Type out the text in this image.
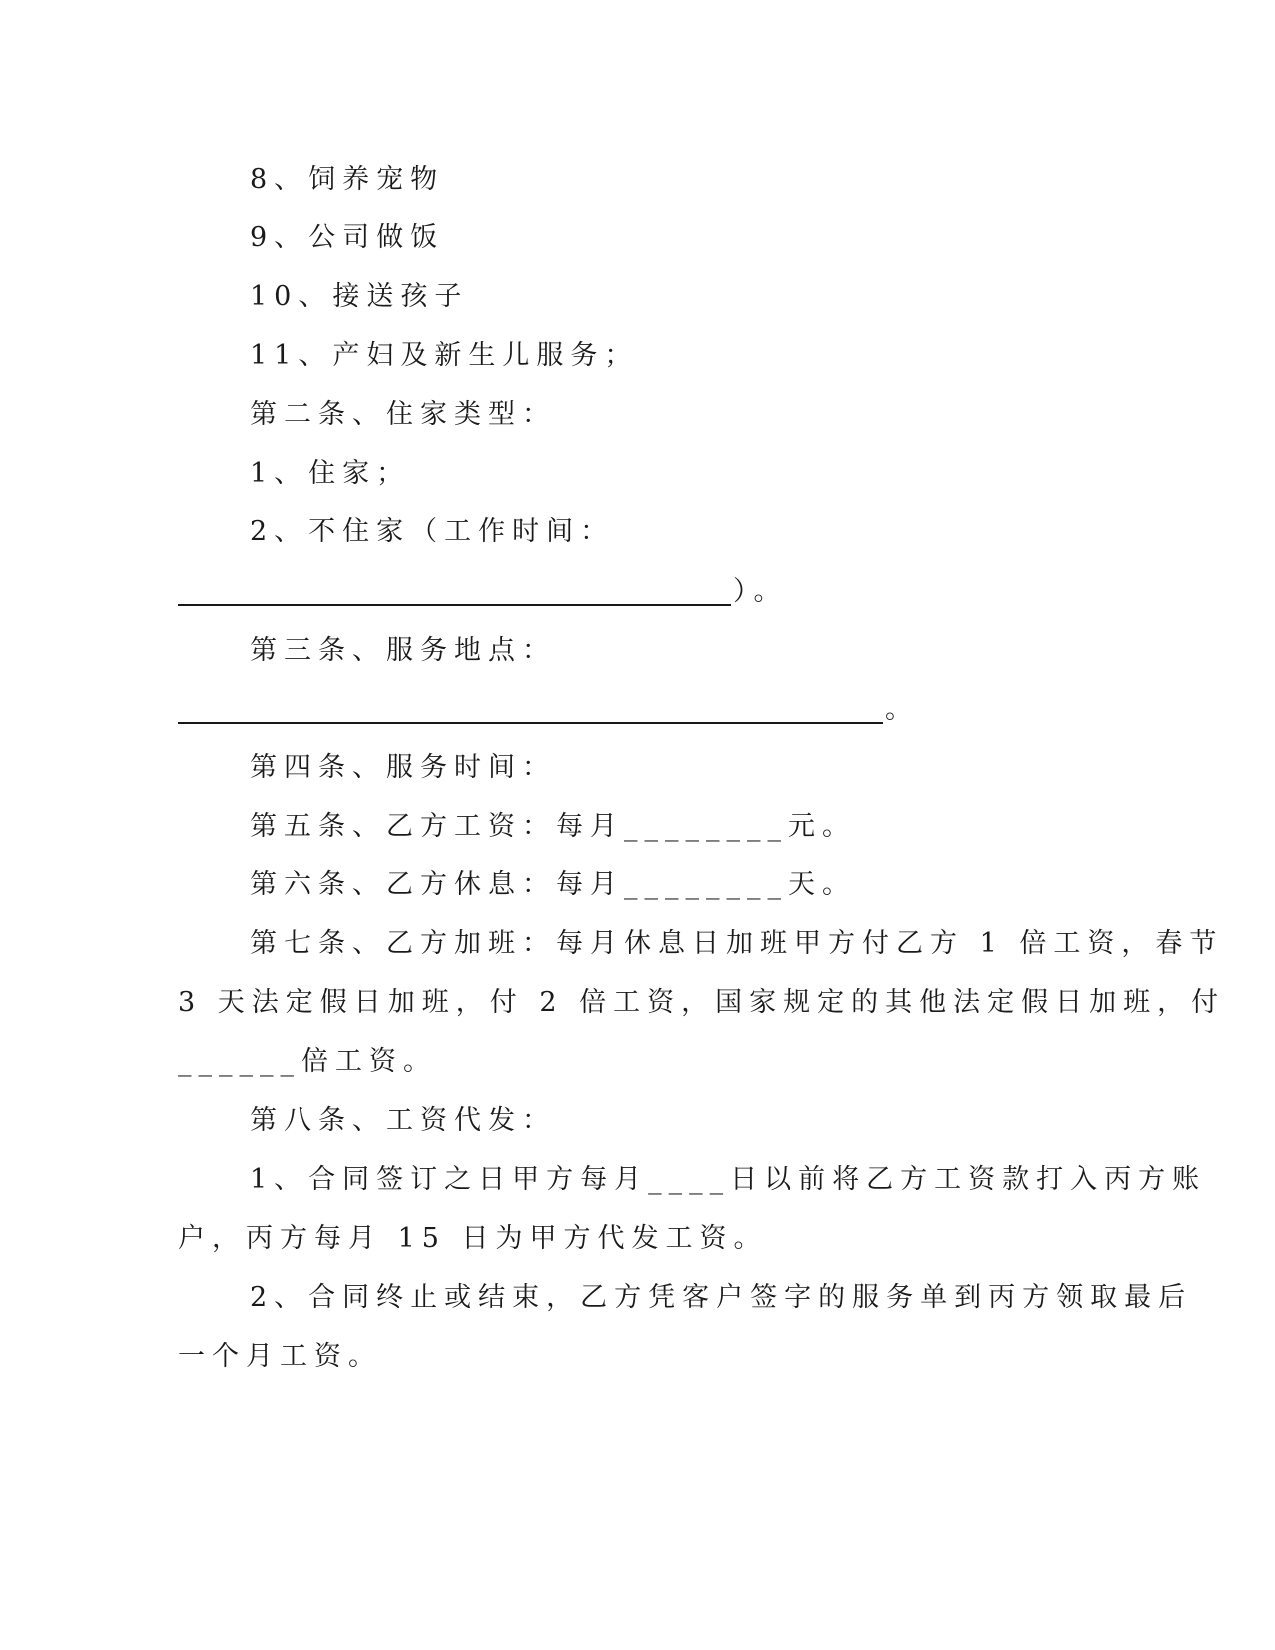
8、饲养宠物
9、公司做饭
10、接送孩子
11、产妇及新生儿服务；
第二条、住家类型：
1、住家；
2、不住家（工作时间：
）。
第三条、服务地点：
。
第四条、服务时间：
第五条、乙方工资：每月________元。
第六条、乙方休息：每月________天。
第七条、乙方加班：每月休息日加班甲方付乙方 1 倍工资，春节
3 天法定假日加班，付 2 倍工资，国家规定的其他法定假日加班，付
______倍工资。
第八条、工资代发：
1、合同签订之日甲方每月____日以前将乙方工资款打入丙方账
户，丙方每月 15 日为甲方代发工资。
2、合同终止或结束，乙方凭客户签字的服务单到丙方领取最后
一个月工资。
